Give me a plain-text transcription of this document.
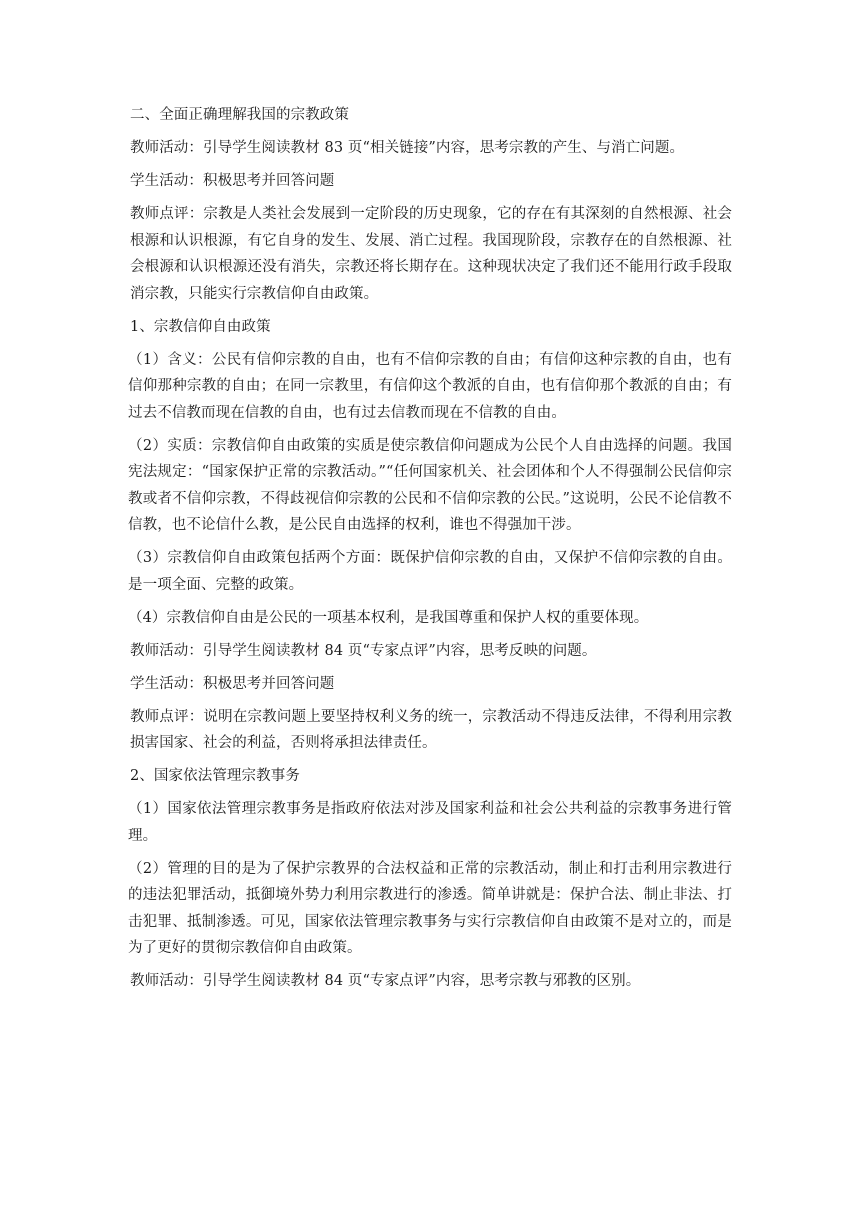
二、全面正确理解我国的宗教政策

教师活动：引导学生阅读教材 83 页“相关链接”内容，思考宗教的产生、与消亡问题。

学生活动：积极思考并回答问题

教师点评：宗教是人类社会发展到一定阶段的历史现象，它的存在有其深刻的自然根源、社会根源和认识根源，有它自身的发生、发展、消亡过程。我国现阶段，宗教存在的自然根源、社会根源和认识根源还没有消失，宗教还将长期存在。这种现状决定了我们还不能用行政手段取消宗教，只能实行宗教信仰自由政策。

1、宗教信仰自由政策

（1）含义：公民有信仰宗教的自由，也有不信仰宗教的自由；有信仰这种宗教的自由，也有信仰那种宗教的自由；在同一宗教里，有信仰这个教派的自由，也有信仰那个教派的自由；有过去不信教而现在信教的自由，也有过去信教而现在不信教的自由。

（2）实质：宗教信仰自由政策的实质是使宗教信仰问题成为公民个人自由选择的问题。我国宪法规定：“国家保护正常的宗教活动。”“任何国家机关、社会团体和个人不得强制公民信仰宗教或者不信仰宗教，不得歧视信仰宗教的公民和不信仰宗教的公民。”这说明，公民不论信教不信教，也不论信什么教，是公民自由选择的权利，谁也不得强加干涉。

（3）宗教信仰自由政策包括两个方面：既保护信仰宗教的自由，又保护不信仰宗教的自由。是一项全面、完整的政策。

（4）宗教信仰自由是公民的一项基本权利，是我国尊重和保护人权的重要体现。

教师活动：引导学生阅读教材 84 页“专家点评”内容，思考反映的问题。

学生活动：积极思考并回答问题

教师点评：说明在宗教问题上要坚持权利义务的统一，宗教活动不得违反法律，不得利用宗教损害国家、社会的利益，否则将承担法律责任。

2、国家依法管理宗教事务

（1）国家依法管理宗教事务是指政府依法对涉及国家利益和社会公共利益的宗教事务进行管理。

（2）管理的目的是为了保护宗教界的合法权益和正常的宗教活动，制止和打击利用宗教进行的违法犯罪活动，抵御境外势力利用宗教进行的渗透。简单讲就是：保护合法、制止非法、打击犯罪、抵制渗透。可见，国家依法管理宗教事务与实行宗教信仰自由政策不是对立的，而是为了更好的贯彻宗教信仰自由政策。

教师活动：引导学生阅读教材 84 页“专家点评”内容，思考宗教与邪教的区别。
